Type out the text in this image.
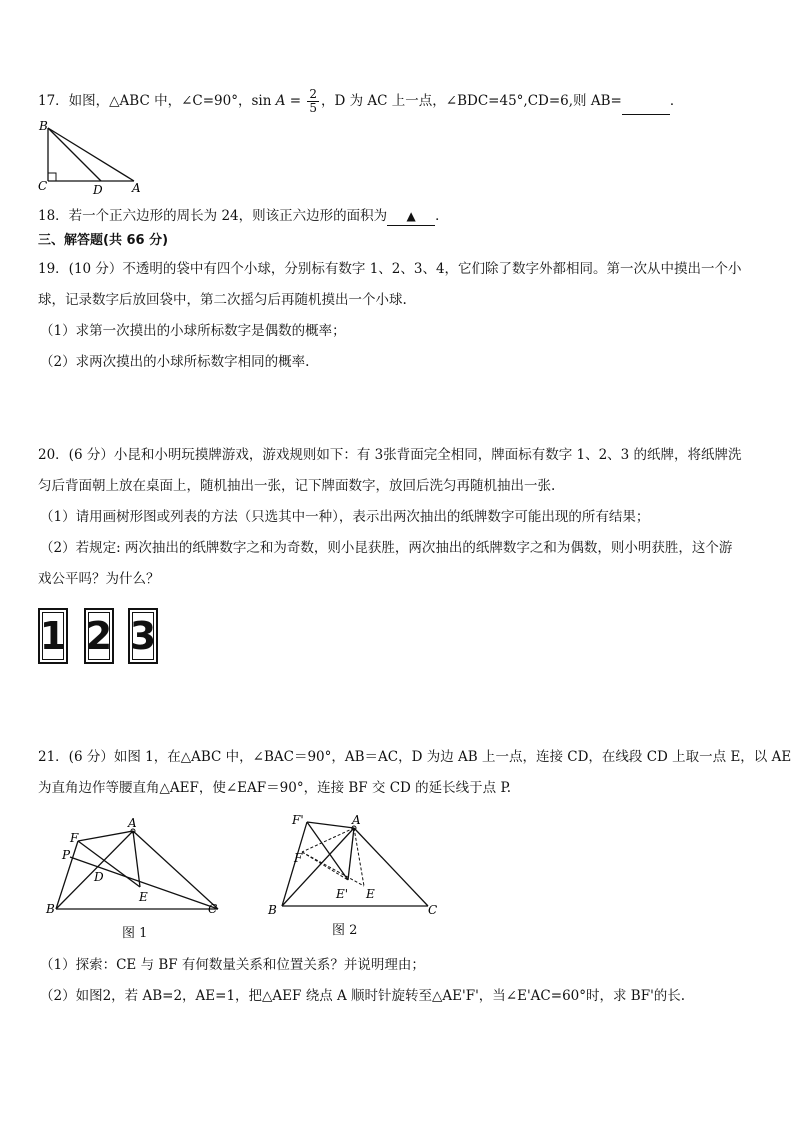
17．如图，△ABC 中，∠C=90°，$\sin A = \frac{2}{5}$ ，D 为 AC 上一点，∠BDC=45°,CD=6,则 AB=	．
B
C	D A
18．若一个正六边形的周长为 24，则该正六边形的面积为 ▲ ．
三、解答题(共 66 分)
19．(10 分）不透明的袋中有四个小球，分别标有数字 1、2、3、4，它们除了数字外都相同。第一次从中摸出一个小
球，记录数字后放回袋中，第二次摇匀后再随机摸出一个小球.
（1）求第一次摸出的小球所标数字是偶数的概率；
（2）求两次摸出的小球所标数字相同的概率.
20．(6 分）小昆和小明玩摸牌游戏，游戏规则如下：有 3张背面完全相同，牌面标有数字 1、2、3 的纸牌，将纸牌洗
匀后背面朝上放在桌面上，随机抽出一张，记下牌面数字，放回后洗匀再随机抽出一张.
（1）请用画树形图或列表的方法（只选其中一种），表示出两次抽出的纸牌数字可能出现的所有结果；
（2）若规定: 两次抽出的纸牌数字之和为奇数，则小昆获胜，两次抽出的纸牌数字之和为偶数，则小明获胜，这个游
戏公平吗？为什么？
1 2 3
21．(6 分）如图 1，在△ABC 中，∠BAC＝90°，AB＝AC，D 为边 AB 上一点，连接 CD，在线段 CD 上取一点 E，以 AE
为直角边作等腰直角△AEF，使∠EAF＝90°，连接 BF 交 CD 的延长线于点 P.
F
A
P
D
E
B	C
图 1
F'	A
F
E' E
B	C
图 2
（1）探索：CE 与 BF 有何数量关系和位置关系？并说明理由；
（2）如图2，若 AB=2，AE=1，把△AEF 绕点 A 顺时针旋转至△AE'F'，当∠E'AC=60°时，求 BF'的长.
